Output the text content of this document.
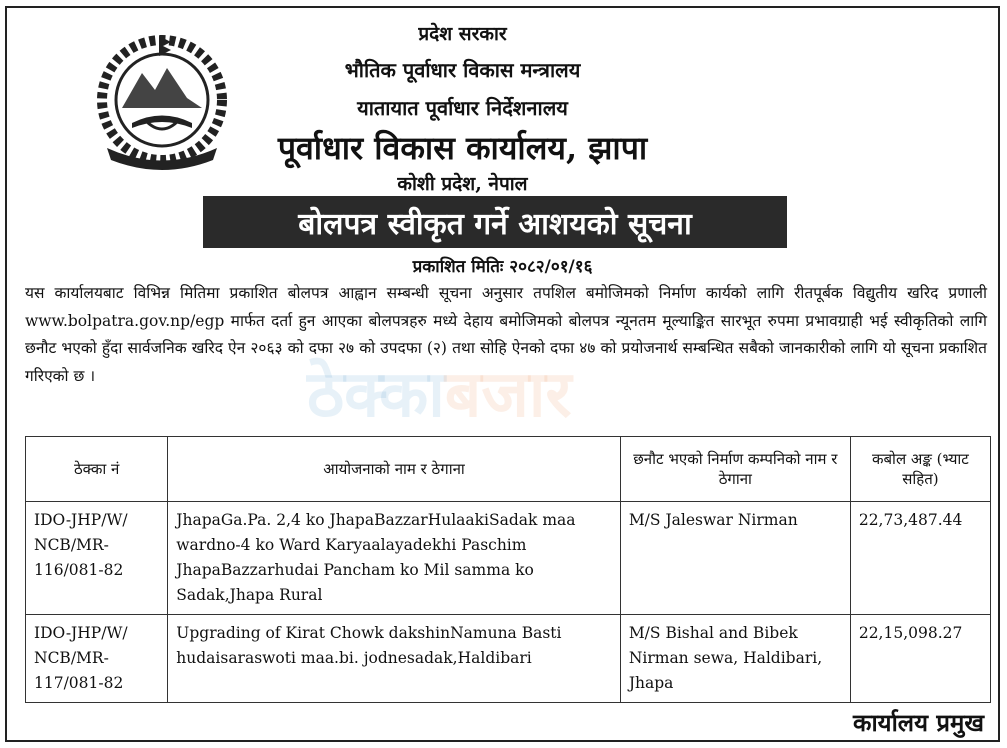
प्रदेश सरकार
भौतिक पूर्वाधार विकास मन्त्रालय
यातायात पूर्वाधार निर्देशनालय
पूर्वाधार विकास कार्यालय, झापा
कोशी प्रदेश, नेपाल
बोलपत्र स्वीकृत गर्ने आशयको सूचना
प्रकाशित मितिः २०८२/०१/१६
यस कार्यालयबाट विभिन्न मितिमा प्रकाशित बोलपत्र आह्वान सम्बन्धी सूचना अनुसार तपशिल बमोजिमको निर्माण कार्यको लागि रीतपूर्बक विद्युतीय खरिद प्रणाली www.bolpatra.gov.np/egp मार्फत दर्ता हुन आएका बोलपत्रहरु मध्ये देहाय बमोजिमको बोलपत्र न्यूनतम मूल्याङ्कित सारभूत रुपमा प्रभावग्राही भई स्वीकृतिको लागि छनौट भएको हुँदा सार्वजनिक खरिद ऐन २०६३ को दफा २७ को उपदफा (२) तथा सोहि ऐनको दफा ४७ को प्रयोजनार्थ सम्बन्धित सबैको जानकारीको लागि यो सूचना प्रकाशित गरिएको छ ।	ठेक्काबजार
ठेक्का नं	आयोजनाको नाम र ठेगाना	छनौट भएको निर्माण कम्पनिको नाम र ठेगाना	कबोल अङ्क (भ्याट सहित)
IDO-JHP/W/ NCB/MR- 116/081-82	JhapaGa.Pa. 2,4 ko JhapaBazzarHulaakiSadak maa wardno-4 ko Ward Karyaalayadekhi Paschim JhapaBazzarhudai Pancham ko Mil samma ko Sadak,Jhapa Rural	M/S Jaleswar Nirman	22,73,487.44
IDO-JHP/W/ NCB/MR- 117/081-82	Upgrading of Kirat Chowk dakshinNamuna Basti hudaisaraswoti maa.bi. jodnesadak,Haldibari	M/S Bishal and Bibek Nirman sewa, Haldibari, Jhapa	22,15,098.27
कार्यालय प्रमुख
